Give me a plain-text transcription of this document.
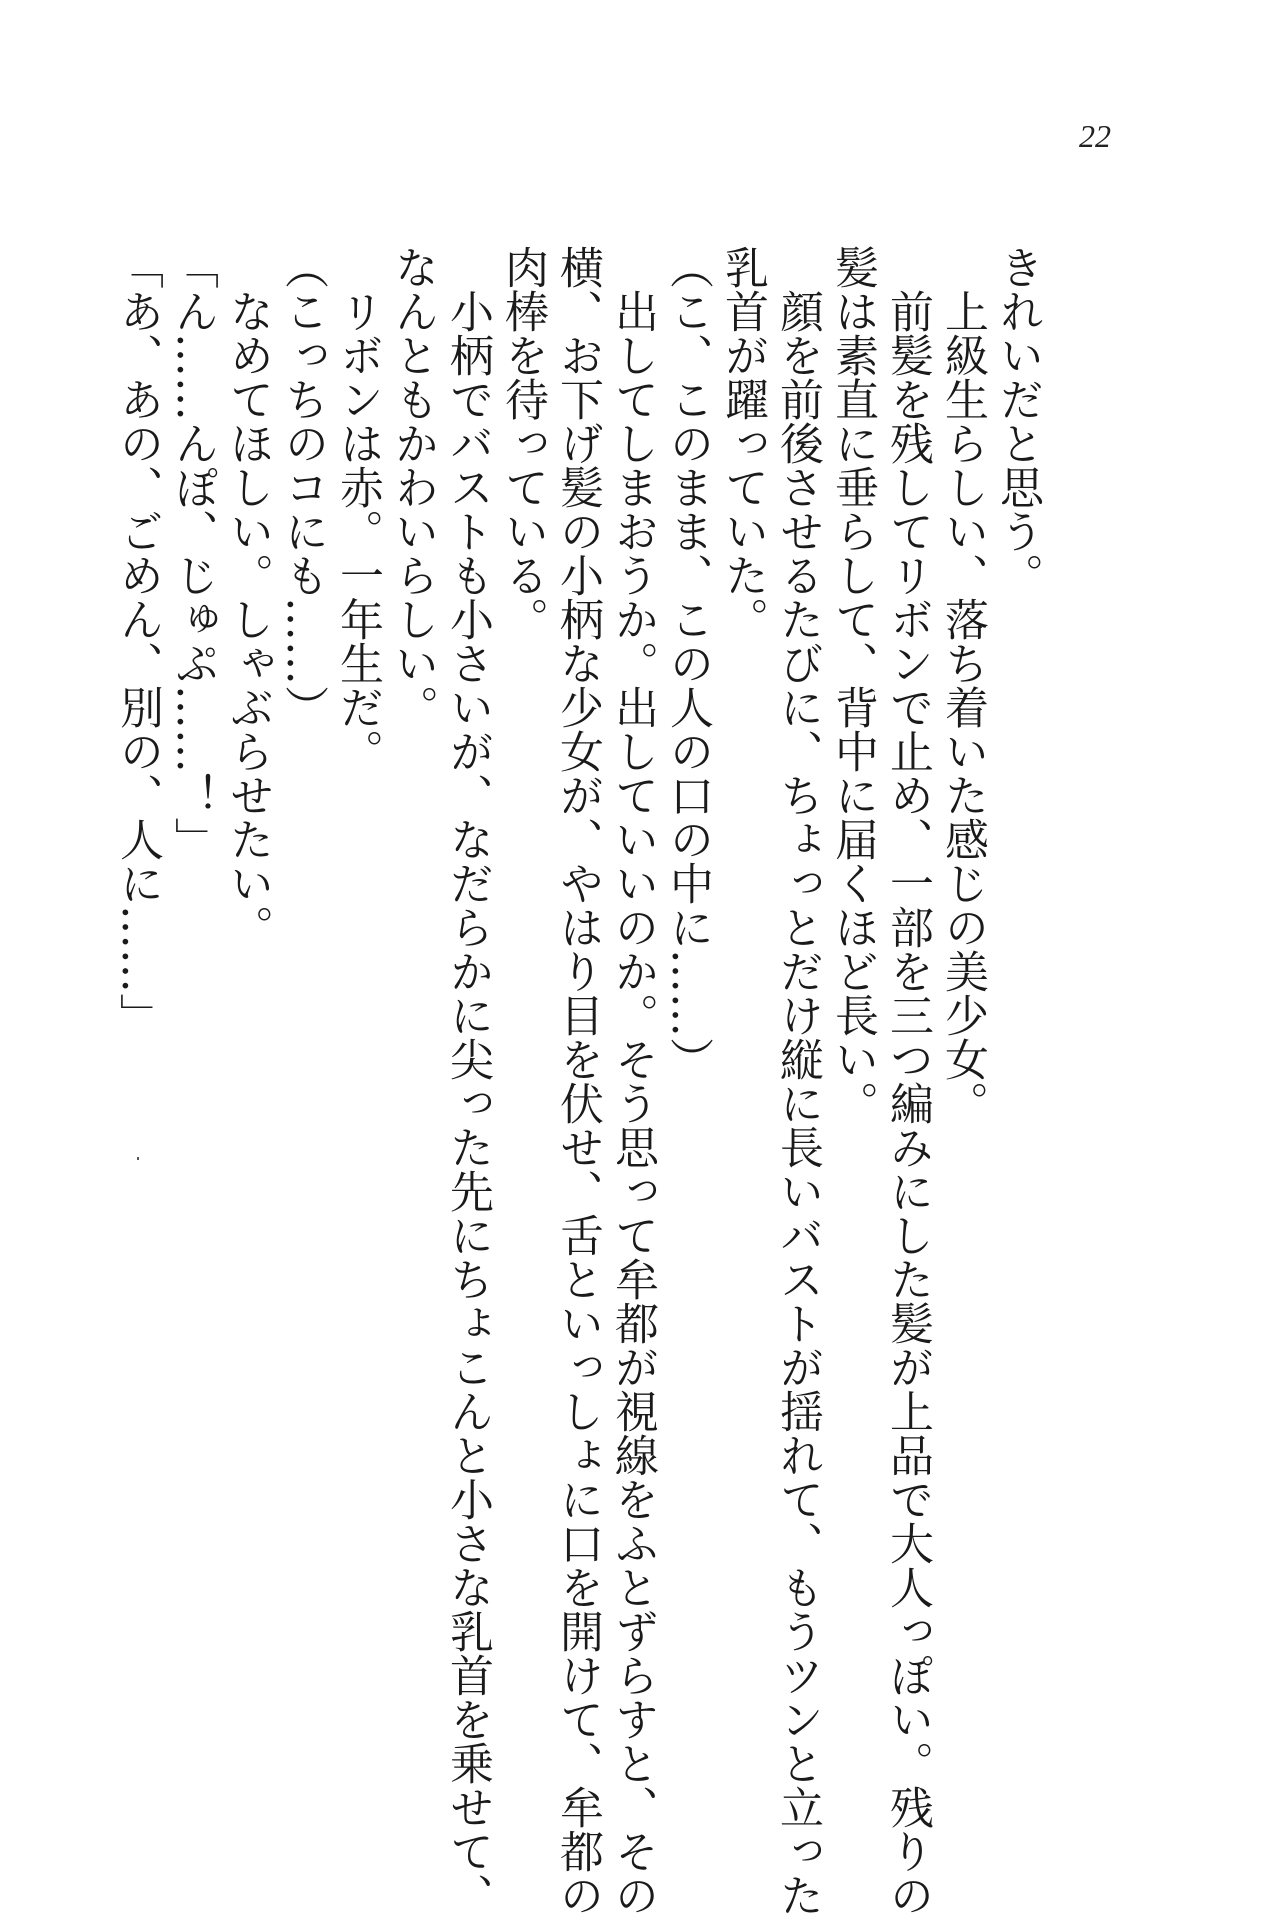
22
きれいだと思う。
　上級生らしい、落ち着いた感じの美少女。
　前髪を残してリボンで止め、一部を三つ編みにした髪が上品で大人っぽい。残りの
髪は素直に垂らして、背中に届くほど長い。
　顔を前後させるたびに、ちょっとだけ縦に長いバストが揺れて、もうツンと立った
乳首が躍っていた。
（こ、このまま、この人の口の中に……）
　出してしまおうか。出していいのか。そう思って牟都が視線をふとずらすと、その
横、お下げ髪の小柄な少女が、やはり目を伏せ、舌といっしょに口を開けて、牟都の
肉棒を待っている。
　小柄でバストも小さいが、なだらかに尖った先にちょこんと小さな乳首を乗せて、
なんともかわいらしい。
　リボンは赤。一年生だ。
（こっちのコにも……）
　なめてほしい。しゃぶらせたい。
「ん……んぽ、じゅぷ……！」
「あ、あの、ごめん、別の、人に……」
